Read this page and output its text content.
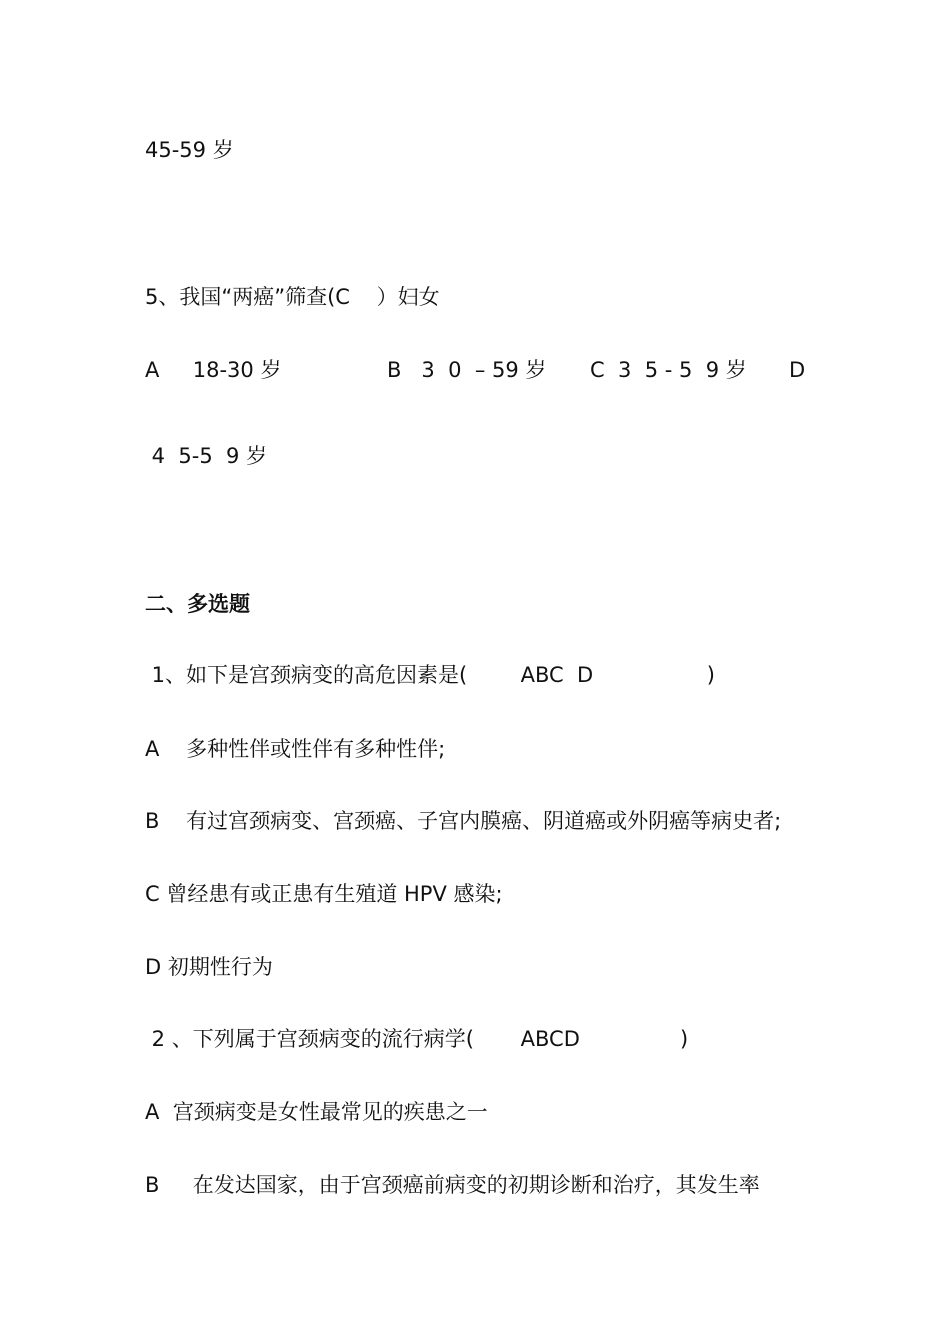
45-59 岁
5、我国“两癌”筛查(C    ）妇女
A     18-30 岁	B   3  0  – 59 岁 C  3  5 - 5  9 岁 D
4  5-5  9 岁
二、多选题
1、如下是宫颈病变的高危因素是(        ABC  D                 )
A    多种性伴或性伴有多种性伴;
B    有过宫颈病变、宫颈癌、子宫内膜癌、阴道癌或外阴癌等病史者;
C 曾经患有或正患有生殖道 HPV 感染;
D 初期性行为
2 、下列属于宫颈病变的流行病学(       ABCD               )
A  宫颈病变是女性最常见的疾患之一
B     在发达国家，由于宫颈癌前病变的初期诊断和治疗，其发生率
